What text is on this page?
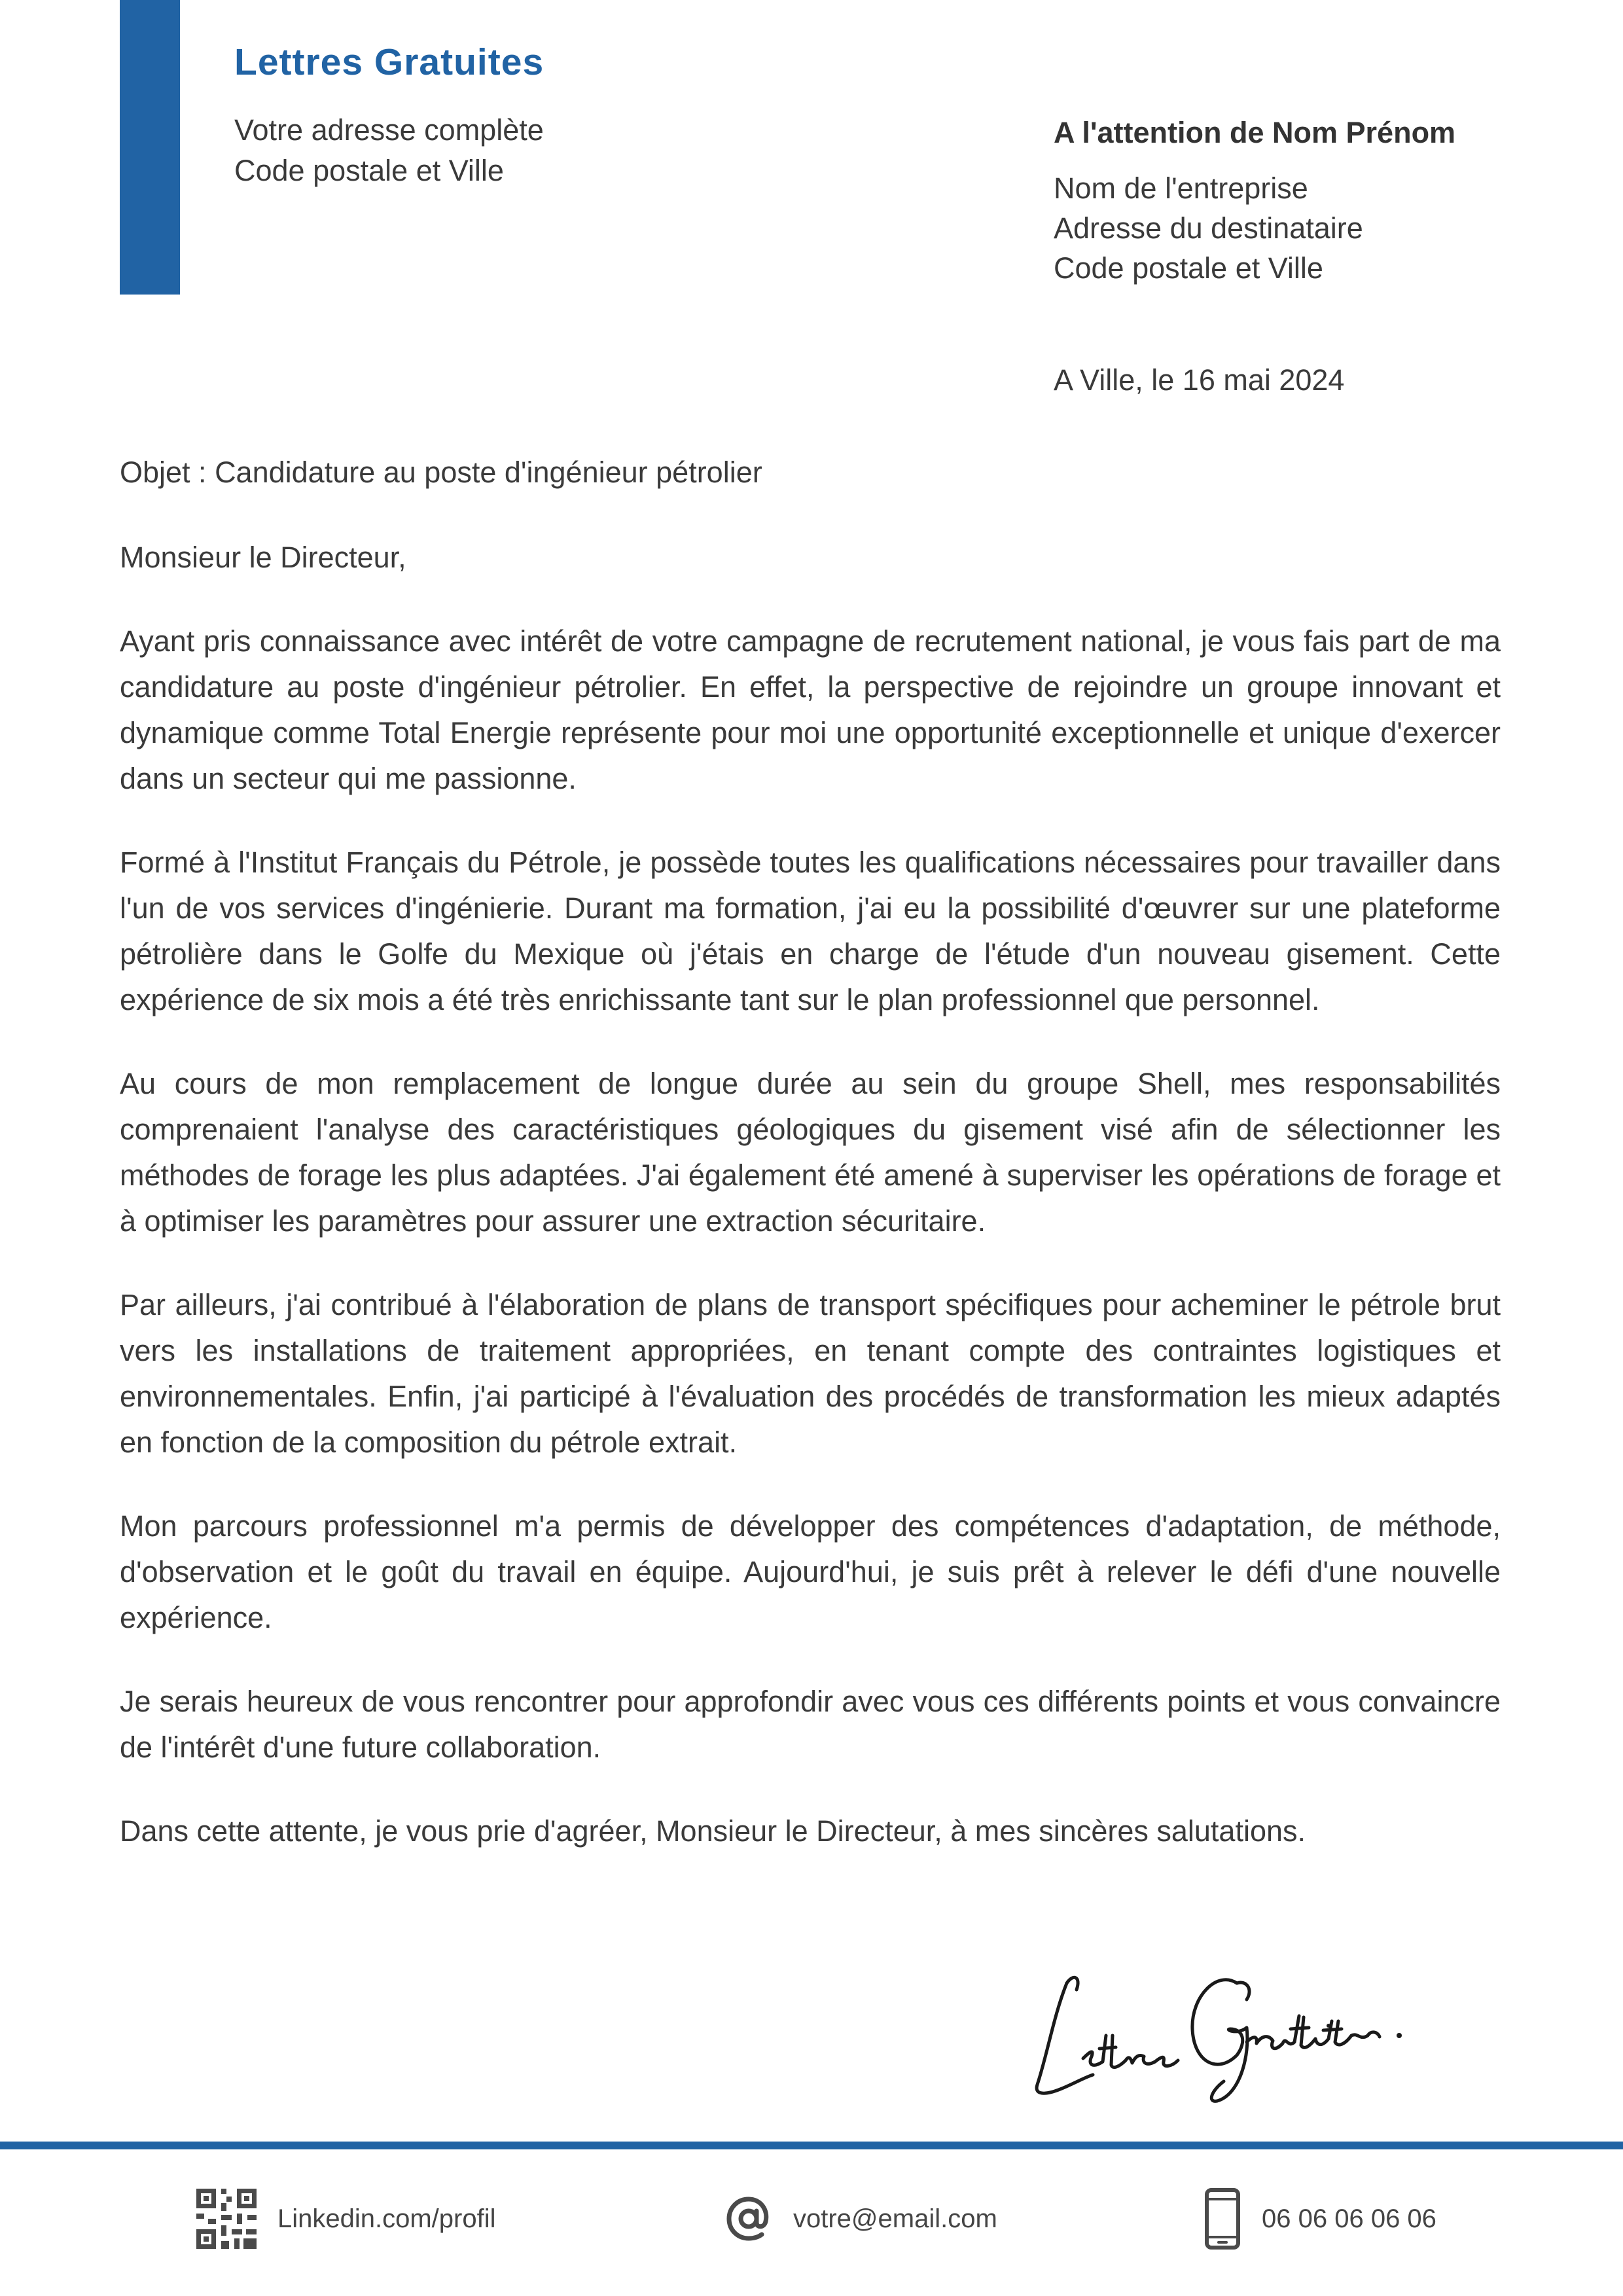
Lettres Gratuites
Votre adresse complète
Code postale et Ville
A l'attention de Nom Prénom
Nom de l'entreprise
Adresse du destinataire
Code postale et Ville
A Ville, le 16 mai 2024
Objet : Candidature au poste d'ingénieur pétrolier
Monsieur le Directeur,

Ayant pris connaissance avec intérêt de votre campagne de recrutement national, je vous fais part de ma candidature au poste d'ingénieur pétrolier. En effet, la perspective de rejoindre un groupe innovant et dynamique comme Total Energie représente pour moi une opportunité exceptionnelle et unique d'exercer dans un secteur qui me passionne.

Formé à l'Institut Français du Pétrole, je possède toutes les qualifications nécessaires pour travailler dans l'un de vos services d'ingénierie. Durant ma formation, j'ai eu la possibilité d'œuvrer sur une plateforme pétrolière dans le Golfe du Mexique où j'étais en charge de l'étude d'un nouveau gisement. Cette expérience de six mois a été très enrichissante tant sur le plan professionnel que personnel.

Au cours de mon remplacement de longue durée au sein du groupe Shell, mes responsabilités comprenaient l'analyse des caractéristiques géologiques du gisement visé afin de sélectionner les méthodes de forage les plus adaptées. J'ai également été amené à superviser les opérations de forage et à optimiser les paramètres pour assurer une extraction sécuritaire.

Par ailleurs, j'ai contribué à l'élaboration de plans de transport spécifiques pour acheminer le pétrole brut vers les installations de traitement appropriées, en tenant compte des contraintes logistiques et environnementales. Enfin, j'ai participé à l'évaluation des procédés de transformation les mieux adaptés en fonction de la composition du pétrole extrait.

Mon parcours professionnel m'a permis de développer des compétences d'adaptation, de méthode, d'observation et le goût du travail en équipe. Aujourd'hui, je suis prêt à relever le défi d'une nouvelle expérience.

Je serais heureux de vous rencontrer pour approfondir avec vous ces différents points et vous convaincre de l'intérêt d'une future collaboration.

Dans cette attente, je vous prie d'agréer, Monsieur le Directeur, à mes sincères salutations.

Linkedin.com/profil	votre@email.com	06 06 06 06 06
